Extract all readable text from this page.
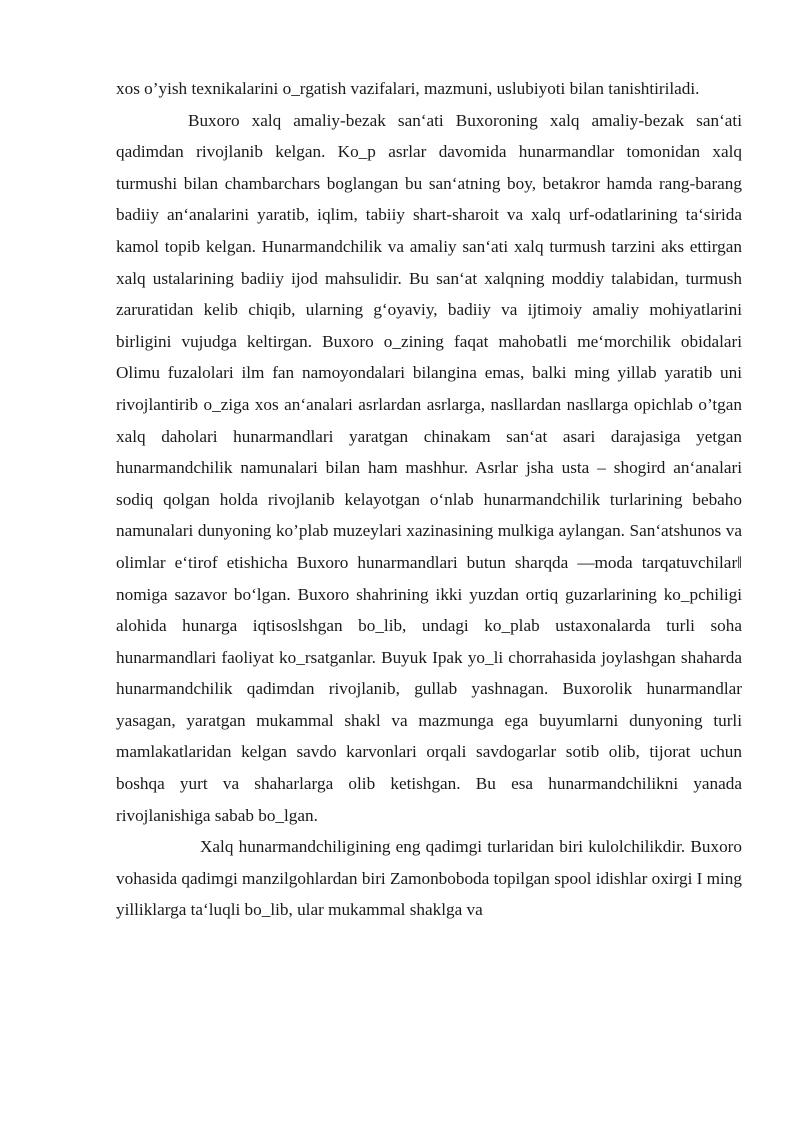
xos o’yish texnikalarini o_rgatish vazifalari, mazmuni, uslubiyoti bilan tanishtiriladi.

Buxoro xalq amaliy-bezak san‘ati Buxoroning xalq amaliy-bezak san‘ati qadimdan rivojlanib kelgan. Ko_p asrlar davomida hunarmandlar tomonidan xalq turmushi bilan chambarchars boglangan bu san‘atning boy, betakror hamda rang-barang badiiy an‘analarini yaratib, iqlim, tabiiy shart-sharoit va xalq urf-odatlarining ta‘sirida kamol topib kelgan. Hunarmandchilik va amaliy san‘ati xalq turmush tarzini aks ettirgan xalq ustalarining badiiy ijod mahsulidir. Bu san‘at xalqning moddiy talabidan, turmush zaruratidan kelib chiqib, ularning g‘oyaviy, badiiy va ijtimoiy amaliy mohiyatlarini birligini vujudga keltirgan. Buxoro o_zining faqat mahobatli me‘morchilik obidalari Olimu fuzalolari ilm fan namoyondalari bilangina emas, balki ming yillab yaratib uni rivojlantirib o_ziga xos an‘analari asrlardan asrlarga, nasllardan nasllarga opichlab o’tgan xalq daholari hunarmandlari yaratgan chinakam san‘at asari darajasiga yetgan hunarmandchilik namunalari bilan ham mashhur. Asrlar jsha usta – shogird an‘analari sodiq qolgan holda rivojlanib kelayotgan o‘nlab hunarmandchilik turlarining bebaho namunalari dunyoning ko’plab muzeylari xazinasining mulkiga aylangan. San‘atshunos va olimlar e‘tirof etishicha Buxoro hunarmandlari butun sharqda ―moda tarqatuvchilar‖ nomiga sazavor bo‘lgan. Buxoro shahrining ikki yuzdan ortiq guzarlarining ko_pchiligi alohida hunarga iqtisoslshgan bo_lib, undagi ko_plab ustaxonalarda turli soha hunarmandlari faoliyat ko_rsatganlar. Buyuk Ipak yo_li chorrahasida joylashgan shaharda hunarmandchilik qadimdan rivojlanib, gullab yashnagan. Buxorolik hunarmandlar yasagan, yaratgan mukammal shakl va mazmunga ega buyumlarni dunyoning turli mamlakatlaridan kelgan savdo karvonlari orqali savdogarlar sotib olib, tijorat uchun boshqa yurt va shaharlarga olib ketishgan. Bu esa hunarmandchilikni yanada rivojlanishiga sabab bo_lgan.

Xalq hunarmandchiligining eng qadimgi turlaridan biri kulolchilikdir. Buxoro vohasida qadimgi manzilgohlardan biri Zamonboboda topilgan spool idishlar oxirgi I ming yilliklarga ta‘luqli bo_lib, ular mukammal shaklga va
